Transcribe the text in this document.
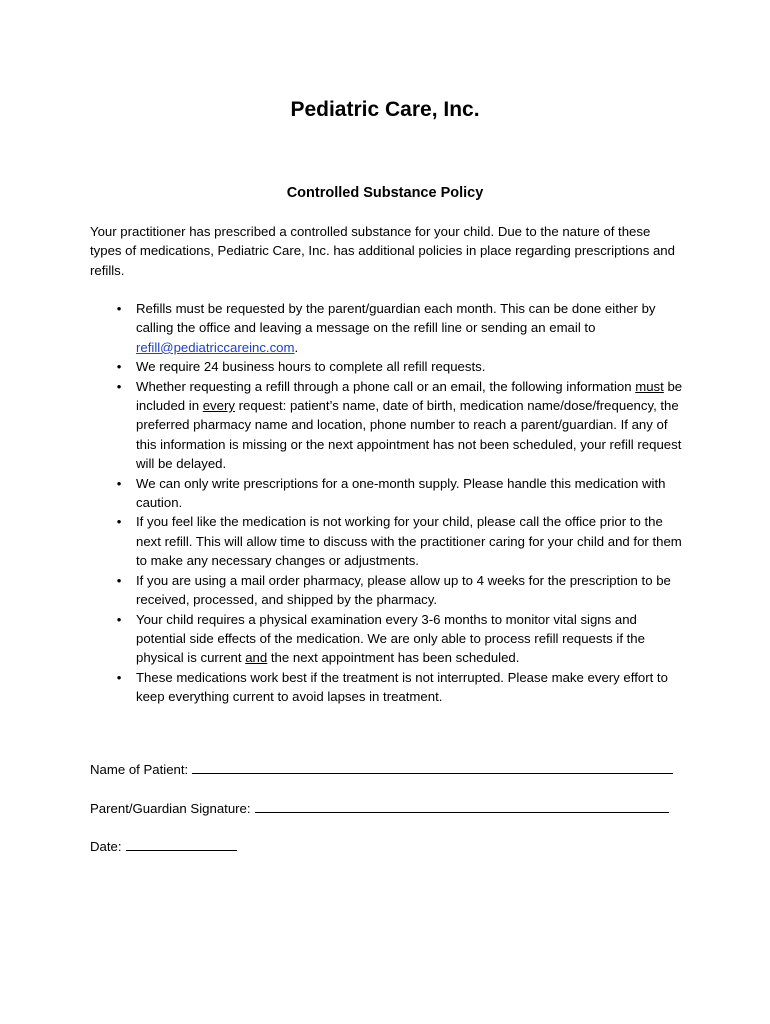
Pediatric Care, Inc.
Controlled Substance Policy

Your practitioner has prescribed a controlled substance for your child. Due to the nature of these types of medications, Pediatric Care, Inc. has additional policies in place regarding prescriptions and refills.

• Refills must be requested by the parent/guardian each month. This can be done either by calling the office and leaving a message on the refill line or sending an email to refill@pediatriccareinc.com.
• We require 24 business hours to complete all refill requests.
• Whether requesting a refill through a phone call or an email, the following information must be included in every request: patient’s name, date of birth, medication name/dose/frequency, the preferred pharmacy name and location, phone number to reach a parent/guardian. If any of this information is missing or the next appointment has not been scheduled, your refill request will be delayed.
• We can only write prescriptions for a one-month supply. Please handle this medication with caution.
• If you feel like the medication is not working for your child, please call the office prior to the next refill. This will allow time to discuss with the practitioner caring for your child and for them to make any necessary changes or adjustments.
• If you are using a mail order pharmacy, please allow up to 4 weeks for the prescription to be received, processed, and shipped by the pharmacy.
• Your child requires a physical examination every 3-6 months to monitor vital signs and potential side effects of the medication. We are only able to process refill requests if the physical is current and the next appointment has been scheduled.
• These medications work best if the treatment is not interrupted. Please make every effort to keep everything current to avoid lapses in treatment.
Name of Patient:
Parent/Guardian Signature:
Date:
